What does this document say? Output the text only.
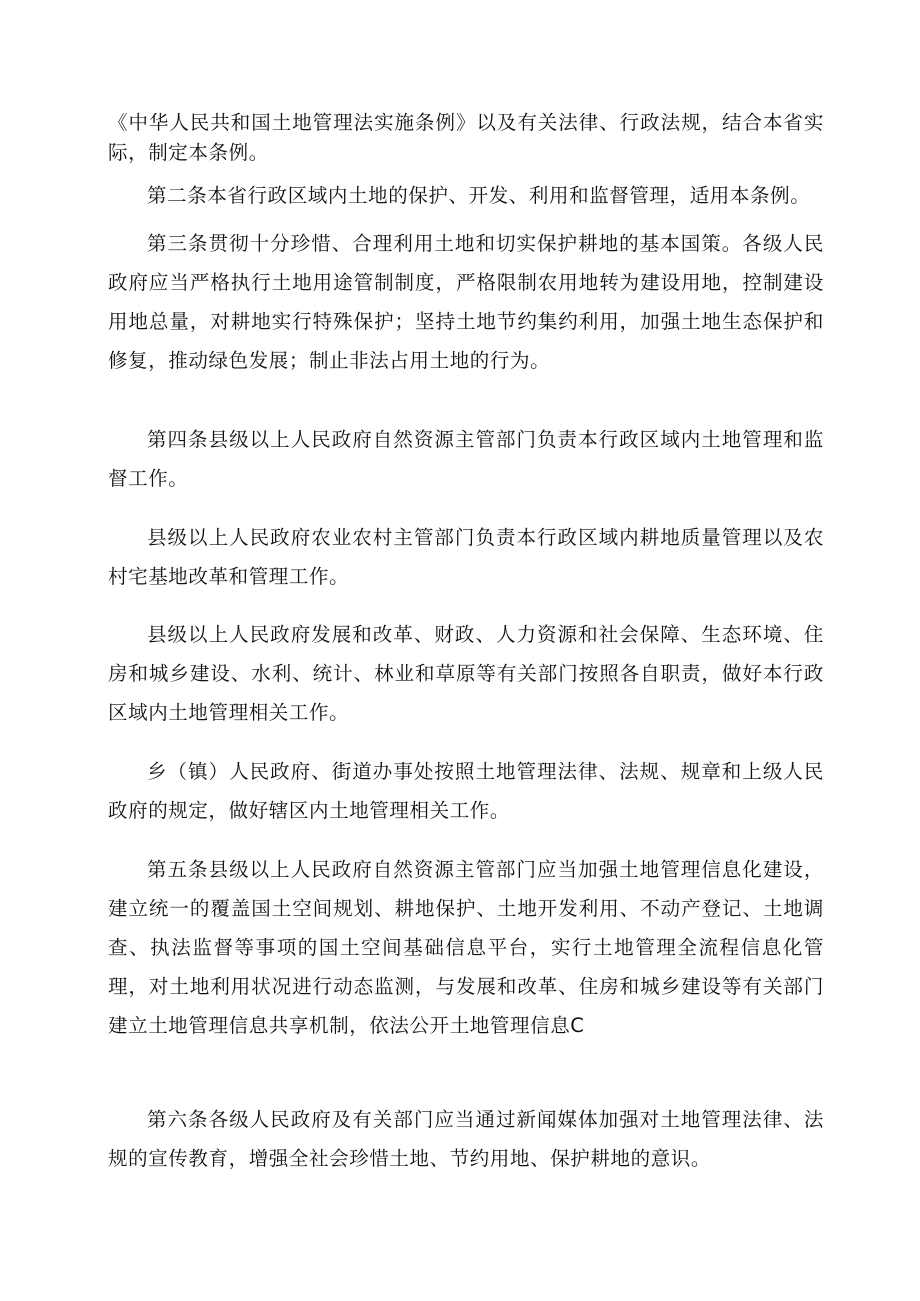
《中华人民共和国土地管理法实施条例》以及有关法律、行政法规，结合本省实际，制定本条例。

第二条本省行政区域内土地的保护、开发、利用和监督管理，适用本条例。

第三条贯彻十分珍惜、合理利用土地和切实保护耕地的基本国策。各级人民政府应当严格执行土地用途管制制度，严格限制农用地转为建设用地，控制建设用地总量，对耕地实行特殊保护；坚持土地节约集约利用，加强土地生态保护和修复，推动绿色发展；制止非法占用土地的行为。

第四条县级以上人民政府自然资源主管部门负责本行政区域内土地管理和监督工作。

县级以上人民政府农业农村主管部门负责本行政区域内耕地质量管理以及农村宅基地改革和管理工作。

县级以上人民政府发展和改革、财政、人力资源和社会保障、生态环境、住房和城乡建设、水利、统计、林业和草原等有关部门按照各自职责，做好本行政区域内土地管理相关工作。

乡（镇）人民政府、街道办事处按照土地管理法律、法规、规章和上级人民政府的规定，做好辖区内土地管理相关工作。

第五条县级以上人民政府自然资源主管部门应当加强土地管理信息化建设，建立统一的覆盖国土空间规划、耕地保护、土地开发利用、不动产登记、土地调查、执法监督等事项的国土空间基础信息平台，实行土地管理全流程信息化管理，对土地利用状况进行动态监测，与发展和改革、住房和城乡建设等有关部门建立土地管理信息共享机制，依法公开土地管理信息C

第六条各级人民政府及有关部门应当通过新闻媒体加强对土地管理法律、法规的宣传教育，增强全社会珍惜土地、节约用地、保护耕地的意识。
